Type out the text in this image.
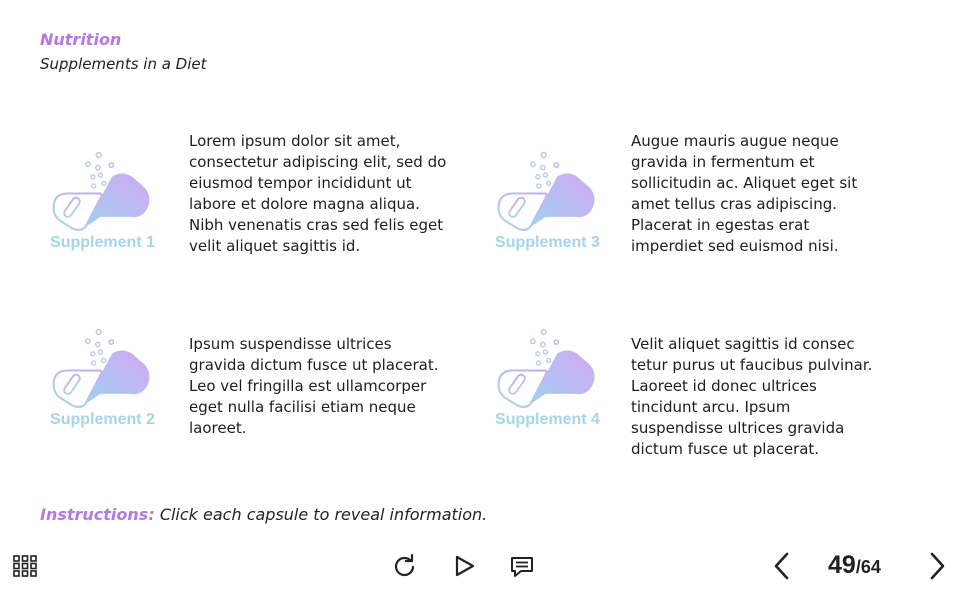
Nutrition
Supplements in a Diet
Supplement 1
Lorem ipsum dolor sit amet, consectetur adipiscing elit, sed do eiusmod tempor incididunt ut labore et dolore magna aliqua. Nibh venenatis cras sed felis eget velit aliquet sagittis id.
Supplement 2
Ipsum suspendisse ultrices gravida dictum fusce ut placerat. Leo vel fringilla est ullamcorper eget nulla facilisi etiam neque laoreet.
Supplement 3
Augue mauris augue neque gravida in fermentum et sollicitudin ac. Aliquet eget sit amet tellus cras adipiscing. Placerat in egestas erat imperdiet sed euismod nisi.
Supplement 4
Velit aliquet sagittis id consec tetur purus ut faucibus pulvinar. Laoreet id donec ultrices tincidunt arcu. Ipsum suspendisse ultrices gravida dictum fusce ut placerat.
Instructions: Click each capsule to reveal information.
49/64
